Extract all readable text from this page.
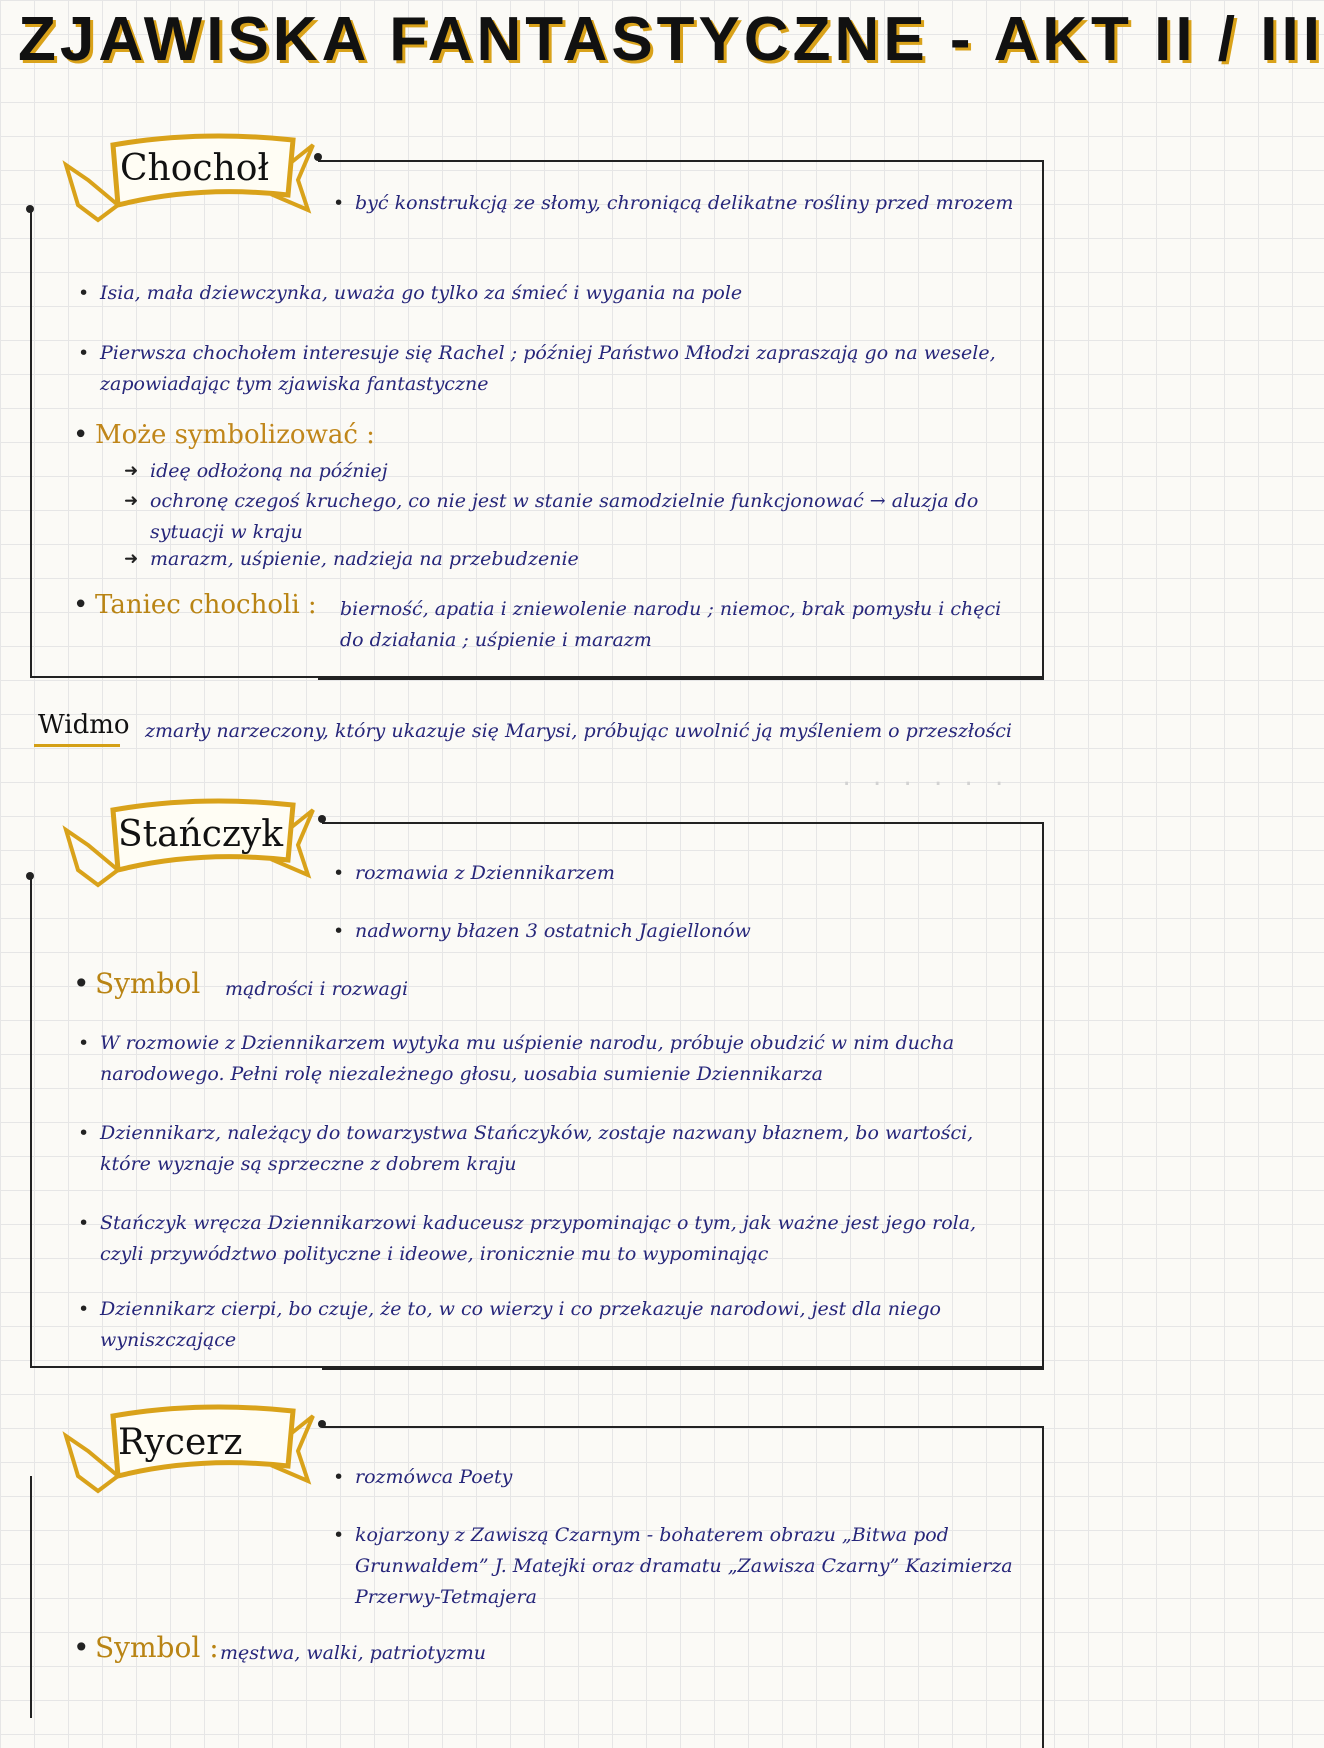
ZJAWISKA FANTASTYCZNE - AKT II / III
Chochoł
• być konstrukcją ze słomy, chroniącą delikatne rośliny przed mrozem
• Isia, mała dziewczynka, uważa go tylko za śmieć i wygania na pole
• Pierwsza chochołem interesuje się Rachel ; później Państwo Młodzi zapraszają go na wesele, zapowiadając tym zjawiska fantastyczne
• Może symbolizować :
➜ ideę odłożoną na później
➜ ochronę czegoś kruchego, co nie jest w stanie samodzielnie funkcjonować → aluzja do sytuacji w kraju
➜ marazm, uśpienie, nadzieja na przebudzenie
• Taniec chocholi : bierność, apatia i zniewolenie narodu ; niemoc, brak pomysłu i chęci do działania ; uśpienie i marazm
Widmo zmarły narzeczony, który ukazuje się Marysi, próbując uwolnić ją myśleniem o przeszłości
· · · · · ·
Stańczyk
• rozmawia z Dziennikarzem
• nadworny błazen 3 ostatnich Jagiellonów
• Symbol mądrości i rozwagi
• W rozmowie z Dziennikarzem wytyka mu uśpienie narodu, próbuje obudzić w nim ducha narodowego. Pełni rolę niezależnego głosu, uosabia sumienie Dziennikarza
• Dziennikarz, należący do towarzystwa Stańczyków, zostaje nazwany błaznem, bo wartości, które wyznaje są sprzeczne z dobrem kraju
• Stańczyk wręcza Dziennikarzowi kaduceusz przypominając o tym, jak ważne jest jego rola, czyli przywództwo polityczne i ideowe, ironicznie mu to wypominając
• Dziennikarz cierpi, bo czuje, że to, w co wierzy i co przekazuje narodowi, jest dla niego wyniszczające
Rycerz
• rozmówca Poety
• kojarzony z Zawiszą Czarnym - bohaterem obrazu „Bitwa pod Grunwaldem” J. Matejki oraz dramatu „Zawisza Czarny” Kazimierza Przerwy-Tetmajera
• Symbol : męstwa, walki, patriotyzmu
